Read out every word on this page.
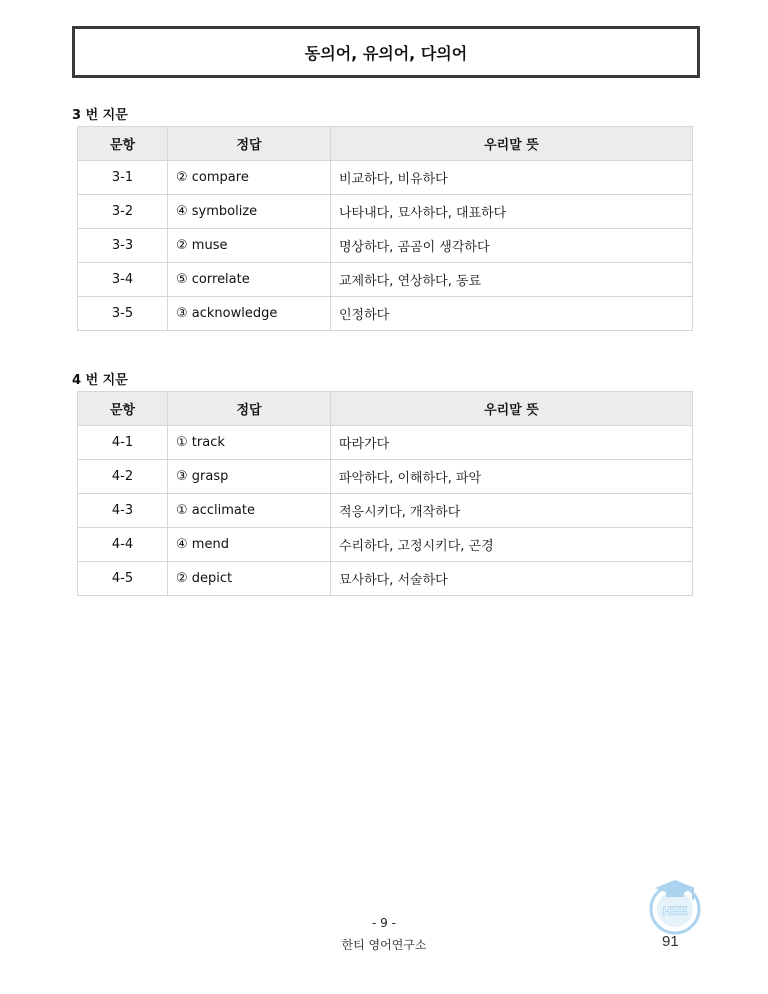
동의어, 유의어, 다의어
3 번 지문
문항	정답	우리말 뜻
3-1	② compare	비교하다, 비유하다
3-2	④ symbolize	나타내다, 묘사하다, 대표하다
3-3	② muse	명상하다, 곰곰이 생각하다
3-4	⑤ correlate	교제하다, 연상하다, 동료
3-5	③ acknowledge	인정하다
4 번 지문
문항	정답	우리말 뜻
4-1	① track	따라가다
4-2	③ grasp	파악하다, 이해하다, 파악
4-3	① acclimate	적응시키다, 개작하다
4-4	④ mend	수리하다, 고정시키다, 곤경
4-5	② depict	묘사하다, 서술하다
- 9 -
한티 영어연구소
HEE
91
